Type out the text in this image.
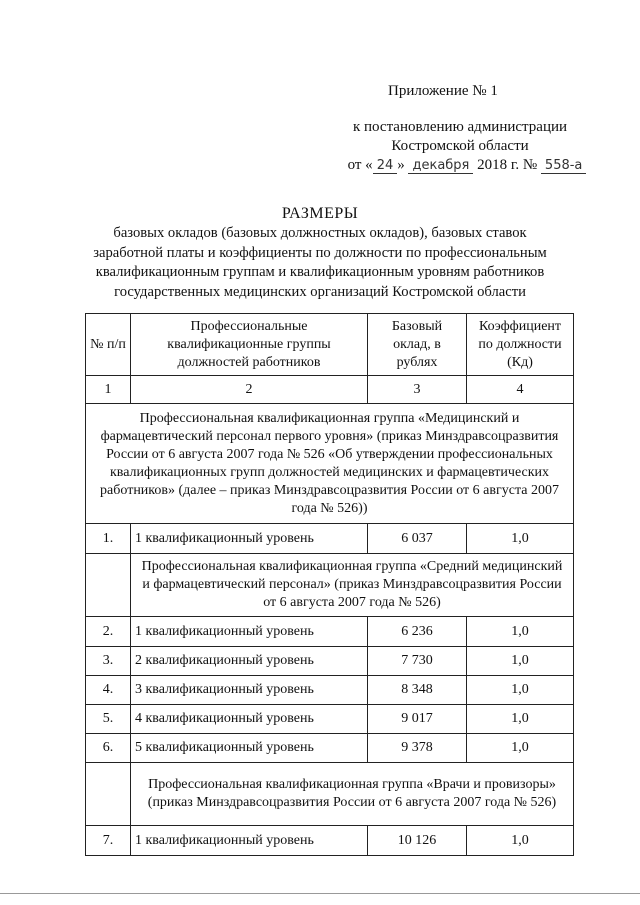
Приложение № 1
к постановлению администрации
Костромской области
от « 24 » декабря 2018 г. № 558-а
РАЗМЕРЫ
базовых окладов (базовых должностных окладов), базовых ставок заработной платы и коэффициенты по должности по профессиональным квалификационным группам и квалификационным уровням работников государственных медицинских организаций Костромской области
№ п/п	Профессиональные квалификационные группы должностей работников	Базовый оклад, в рублях	Коэффициент по должности (Кд)
1	2	3	4
Профессиональная квалификационная группа «Медицинский и фармацевтический персонал первого уровня» (приказ Минздравсоцразвития России от 6 августа 2007 года № 526 «Об утверждении профессиональных квалификационных групп должностей медицинских и фармацевтических работников» (далее – приказ Минздравсоцразвития России от 6 августа 2007 года № 526))			
1.	1 квалификационный уровень	6 037	1,0
	Профессиональная квалификационная группа «Средний медицинский и фармацевтический персонал» (приказ Минздравсоцразвития России от 6 августа 2007 года № 526)		
2.	1 квалификационный уровень	6 236	1,0
3.	2 квалификационный уровень	7 730	1,0
4.	3 квалификационный уровень	8 348	1,0
5.	4 квалификационный уровень	9 017	1,0
6.	5 квалификационный уровень	9 378	1,0
	Профессиональная квалификационная группа «Врачи и провизоры» (приказ Минздравсоцразвития России от 6 августа 2007 года № 526)		
7.	1 квалификационный уровень	10 126	1,0
